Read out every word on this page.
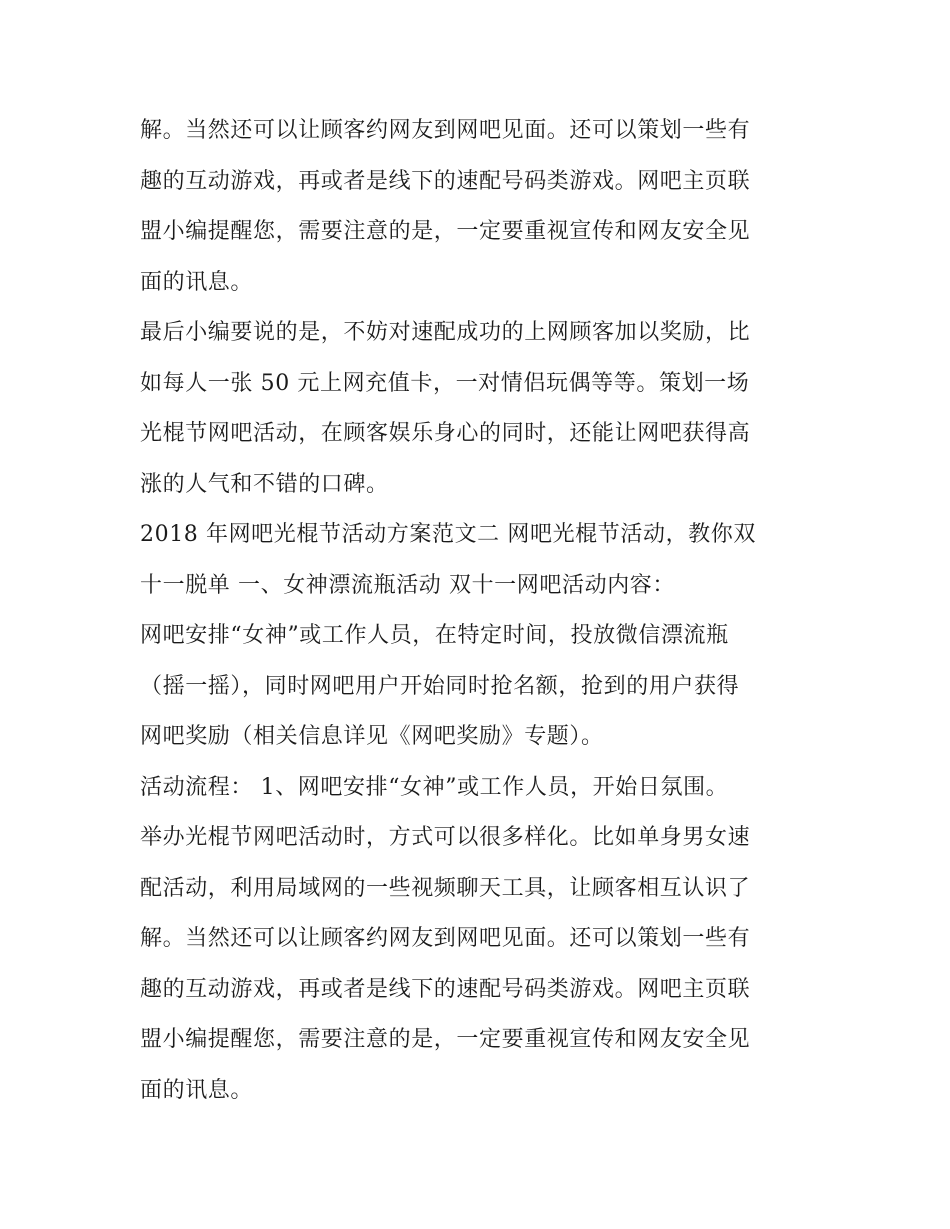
解。当然还可以让顾客约网友到网吧见面。还可以策划一些有
趣的互动游戏，再或者是线下的速配号码类游戏。网吧主页联
盟小编提醒您，需要注意的是，一定要重视宣传和网友安全见
面的讯息。
最后小编要说的是，不妨对速配成功的上网顾客加以奖励，比
如每人一张 50 元上网充值卡，一对情侣玩偶等等。策划一场
光棍节网吧活动，在顾客娱乐身心的同时，还能让网吧获得高
涨的人气和不错的口碑。
2018 年网吧光棍节活动方案范文二 网吧光棍节活动，教你双
十一脱单 一、女神漂流瓶活动 双十一网吧活动内容：
网吧安排“女神”或工作人员，在特定时间，投放微信漂流瓶
（摇一摇），同时网吧用户开始同时抢名额，抢到的用户获得
网吧奖励（相关信息详见《网吧奖励》专题）。
活动流程： 1、网吧安排“女神”或工作人员，开始日氛围。
举办光棍节网吧活动时，方式可以很多样化。比如单身男女速
配活动，利用局域网的一些视频聊天工具，让顾客相互认识了
解。当然还可以让顾客约网友到网吧见面。还可以策划一些有
趣的互动游戏，再或者是线下的速配号码类游戏。网吧主页联
盟小编提醒您，需要注意的是，一定要重视宣传和网友安全见
面的讯息。
